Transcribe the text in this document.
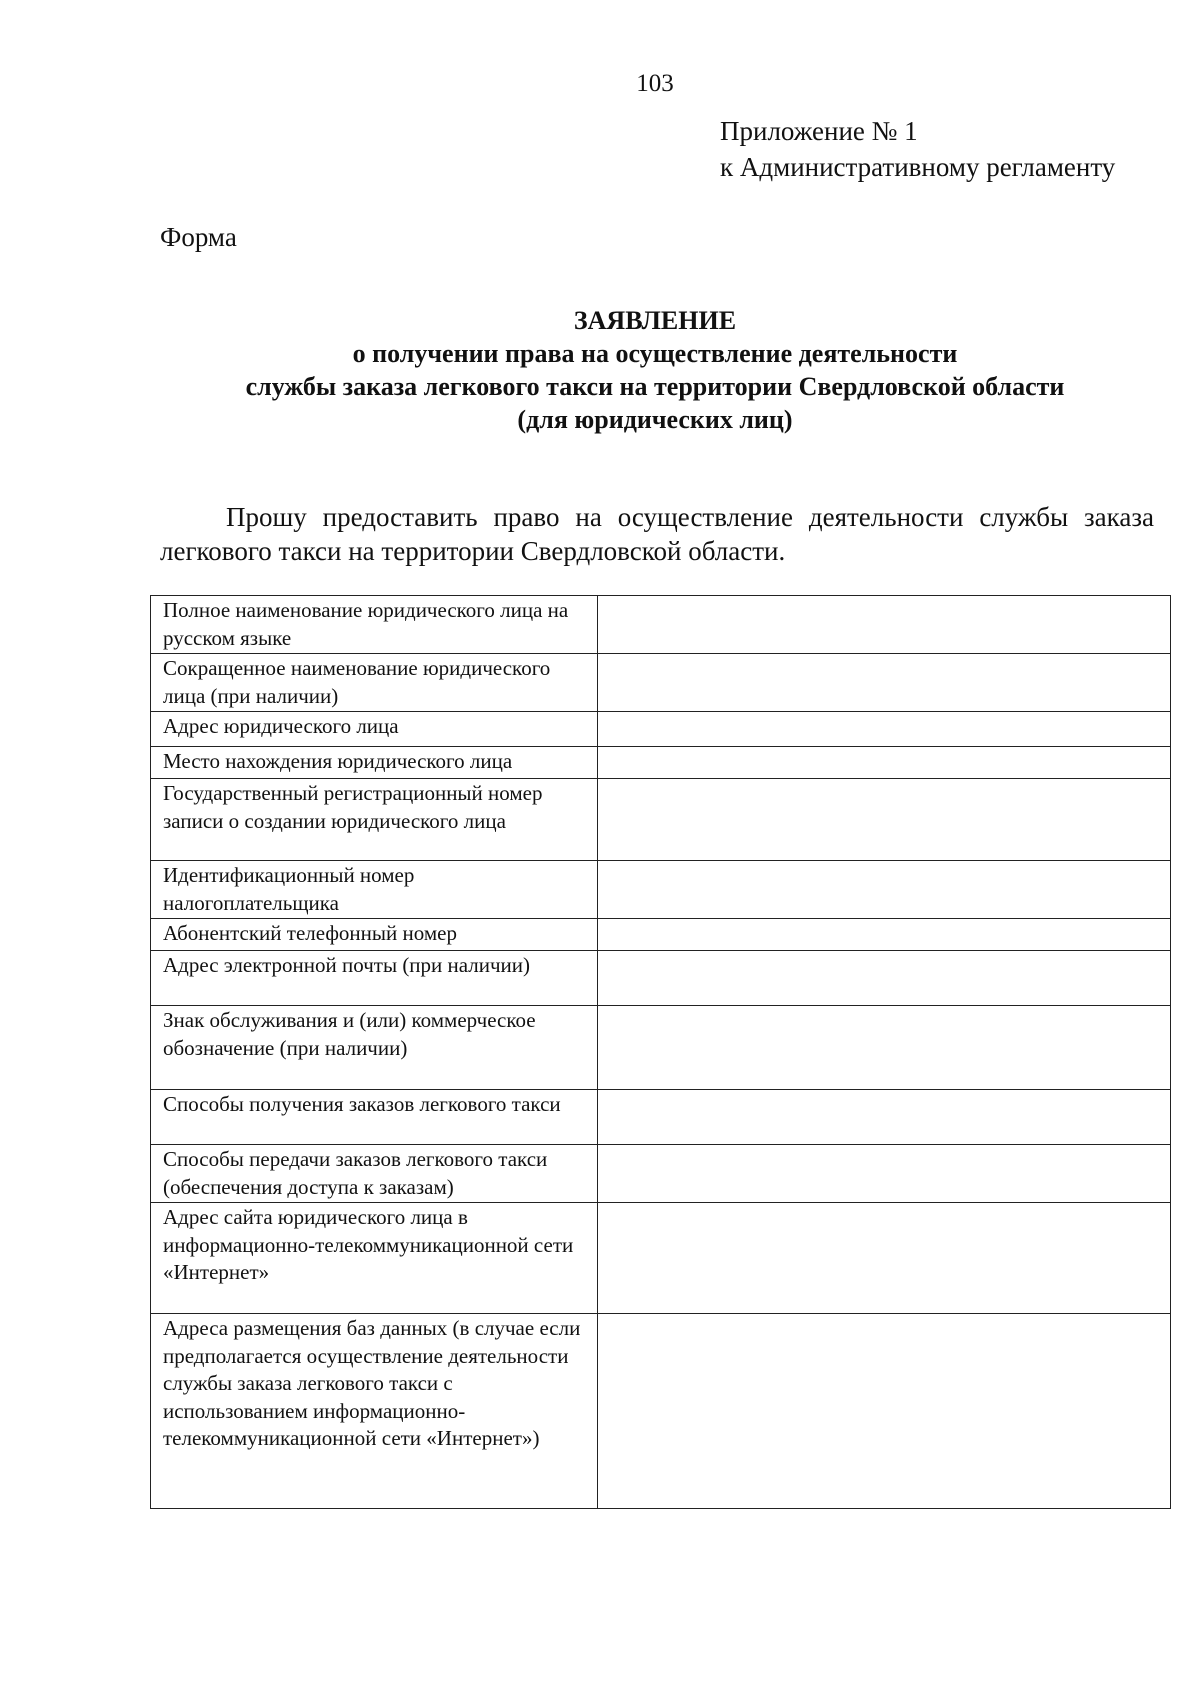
103
Приложение № 1
к Административному регламенту
Форма
ЗАЯВЛЕНИЕ
о получении права на осуществление деятельности
службы заказа легкового такси на территории Свердловской области
(для юридических лиц)
Прошу предоставить право на осуществление деятельности службы заказа легкового такси на территории Свердловской области.
Полное наименование юридического лица на русском языке	
Сокращенное наименование юридического лица (при наличии)	
Адрес юридического лица	
Место нахождения юридического лица	
Государственный регистрационный номер записи о создании юридического лица	
Идентификационный номер налогоплательщика	
Абонентский телефонный номер	
Адрес электронной почты (при наличии)	
Знак обслуживания и (или) коммерческое обозначение (при наличии)	
Способы получения заказов легкового такси	
Способы передачи заказов легкового такси (обеспечения доступа к заказам)	
Адрес сайта юридического лица в информационно-телекоммуникационной сети «Интернет»	
Адреса размещения баз данных (в случае если предполагается осуществление деятельности службы заказа легкового такси с использованием информационно-телекоммуникационной сети «Интернет»)	
